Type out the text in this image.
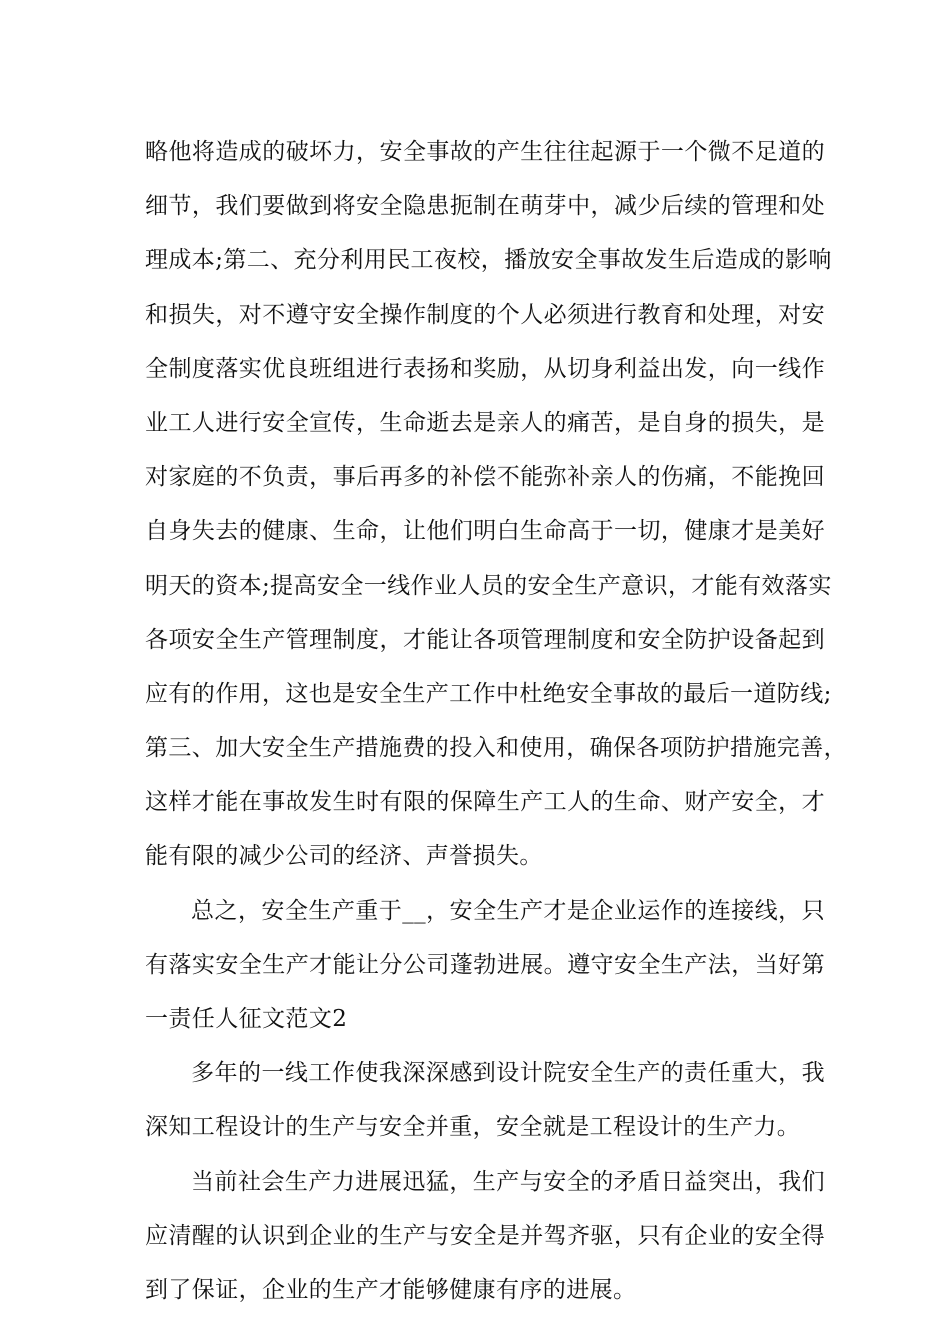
略他将造成的破坏力，安全事故的产生往往起源于一个微不足道的
细节，我们要做到将安全隐患扼制在萌芽中，减少后续的管理和处
理成本;第二、充分利用民工夜校，播放安全事故发生后造成的影响
和损失，对不遵守安全操作制度的个人必须进行教育和处理，对安
全制度落实优良班组进行表扬和奖励，从切身利益出发，向一线作
业工人进行安全宣传，生命逝去是亲人的痛苦，是自身的损失，是
对家庭的不负责，事后再多的补偿不能弥补亲人的伤痛，不能挽回
自身失去的健康、生命，让他们明白生命高于一切，健康才是美好
明天的资本;提高安全一线作业人员的安全生产意识，才能有效落实
各项安全生产管理制度，才能让各项管理制度和安全防护设备起到
应有的作用，这也是安全生产工作中杜绝安全事故的最后一道防线;
第三、加大安全生产措施费的投入和使用，确保各项防护措施完善，
这样才能在事故发生时有限的保障生产工人的生命、财产安全，才
能有限的减少公司的经济、声誉损失。
总之，安全生产重于__，安全生产才是企业运作的连接线，只
有落实安全生产才能让分公司蓬勃进展。遵守安全生产法，当好第
一责任人征文范文2
多年的一线工作使我深深感到设计院安全生产的责任重大，我
深知工程设计的生产与安全并重，安全就是工程设计的生产力。
当前社会生产力进展迅猛，生产与安全的矛盾日益突出，我们
应清醒的认识到企业的生产与安全是并驾齐驱，只有企业的安全得
到了保证，企业的生产才能够健康有序的进展。
